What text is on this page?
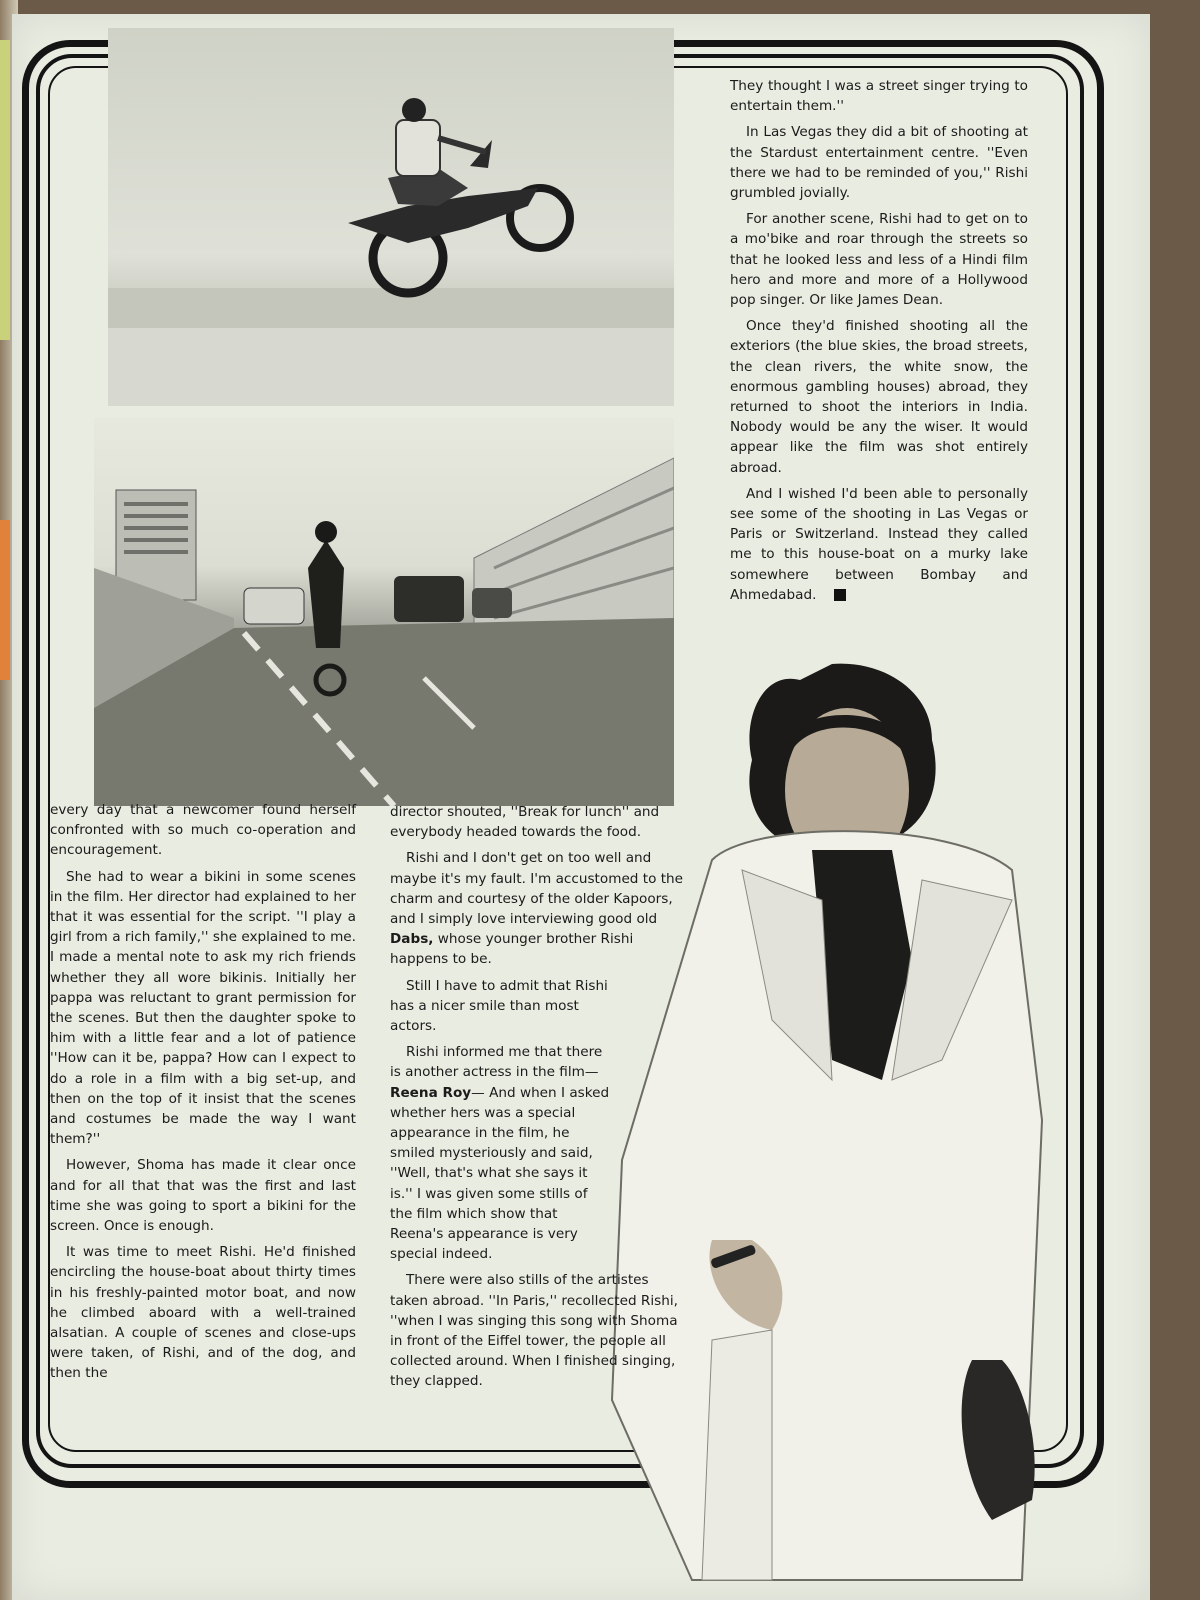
They thought I was a street singer trying to entertain them.''

In Las Vegas they did a bit of shooting at the Stardust entertainment centre. ''Even there we had to be reminded of you,'' Rishi grumbled jovially.

For another scene, Rishi had to get on to a mo'bike and roar through the streets so that he looked less and less of a Hindi film hero and more and more of a Hollywood pop singer. Or like James Dean.

Once they'd finished shooting all the exteriors (the blue skies, the broad streets, the clean rivers, the white snow, the enormous gambling houses) abroad, they returned to shoot the interiors in India. Nobody would be any the wiser. It would appear like the film was shot entirely abroad.

And I wished I'd been able to personally see some of the shooting in Las Vegas or Paris or Switzerland. Instead they called me to this house-boat on a murky lake somewhere between Bombay and Ahmedabad.

every day that a newcomer found herself confronted with so much co-operation and encouragement.

She had to wear a bikini in some scenes in the film. Her director had explained to her that it was essential for the script. ''I play a girl from a rich family,'' she explained to me. I made a mental note to ask my rich friends whether they all wore bikinis. Initially her pappa was reluctant to grant permission for the scenes. But then the daughter spoke to him with a little fear and a lot of patience ''How can it be, pappa? How can I expect to do a role in a film with a big set-up, and then on the top of it insist that the scenes and costumes be made the way I want them?''

However, Shoma has made it clear once and for all that that was the first and last time she was going to sport a bikini for the screen. Once is enough.

It was time to meet Rishi. He'd finished encircling the house-boat about thirty times in his freshly-painted motor boat, and now he climbed aboard with a well-trained alsatian. A couple of scenes and close-ups were taken, of Rishi, and of the dog, and then the

director shouted, ''Break for lunch'' and everybody headed towards the food.

Rishi and I don't get on too well and maybe it's my fault. I'm accustomed to the charm and courtesy of the older Kapoors, and I simply love interviewing good old Dabs, whose younger brother Rishi happens to be.

Still I have to admit that Rishi has a nicer smile than most actors.

Rishi informed me that there is another actress in the film—Reena Roy— And when I asked whether hers was a special appearance in the film, he smiled mysteriously and said, ''Well, that's what she says it is.'' I was given some stills of the film which show that Reena's appearance is very special indeed.

There were also stills of the artistes taken abroad. ''In Paris,'' recollected Rishi, ''when I was singing this song with Shoma in front of the Eiffel tower, the people all collected around. When I finished singing, they clapped.
